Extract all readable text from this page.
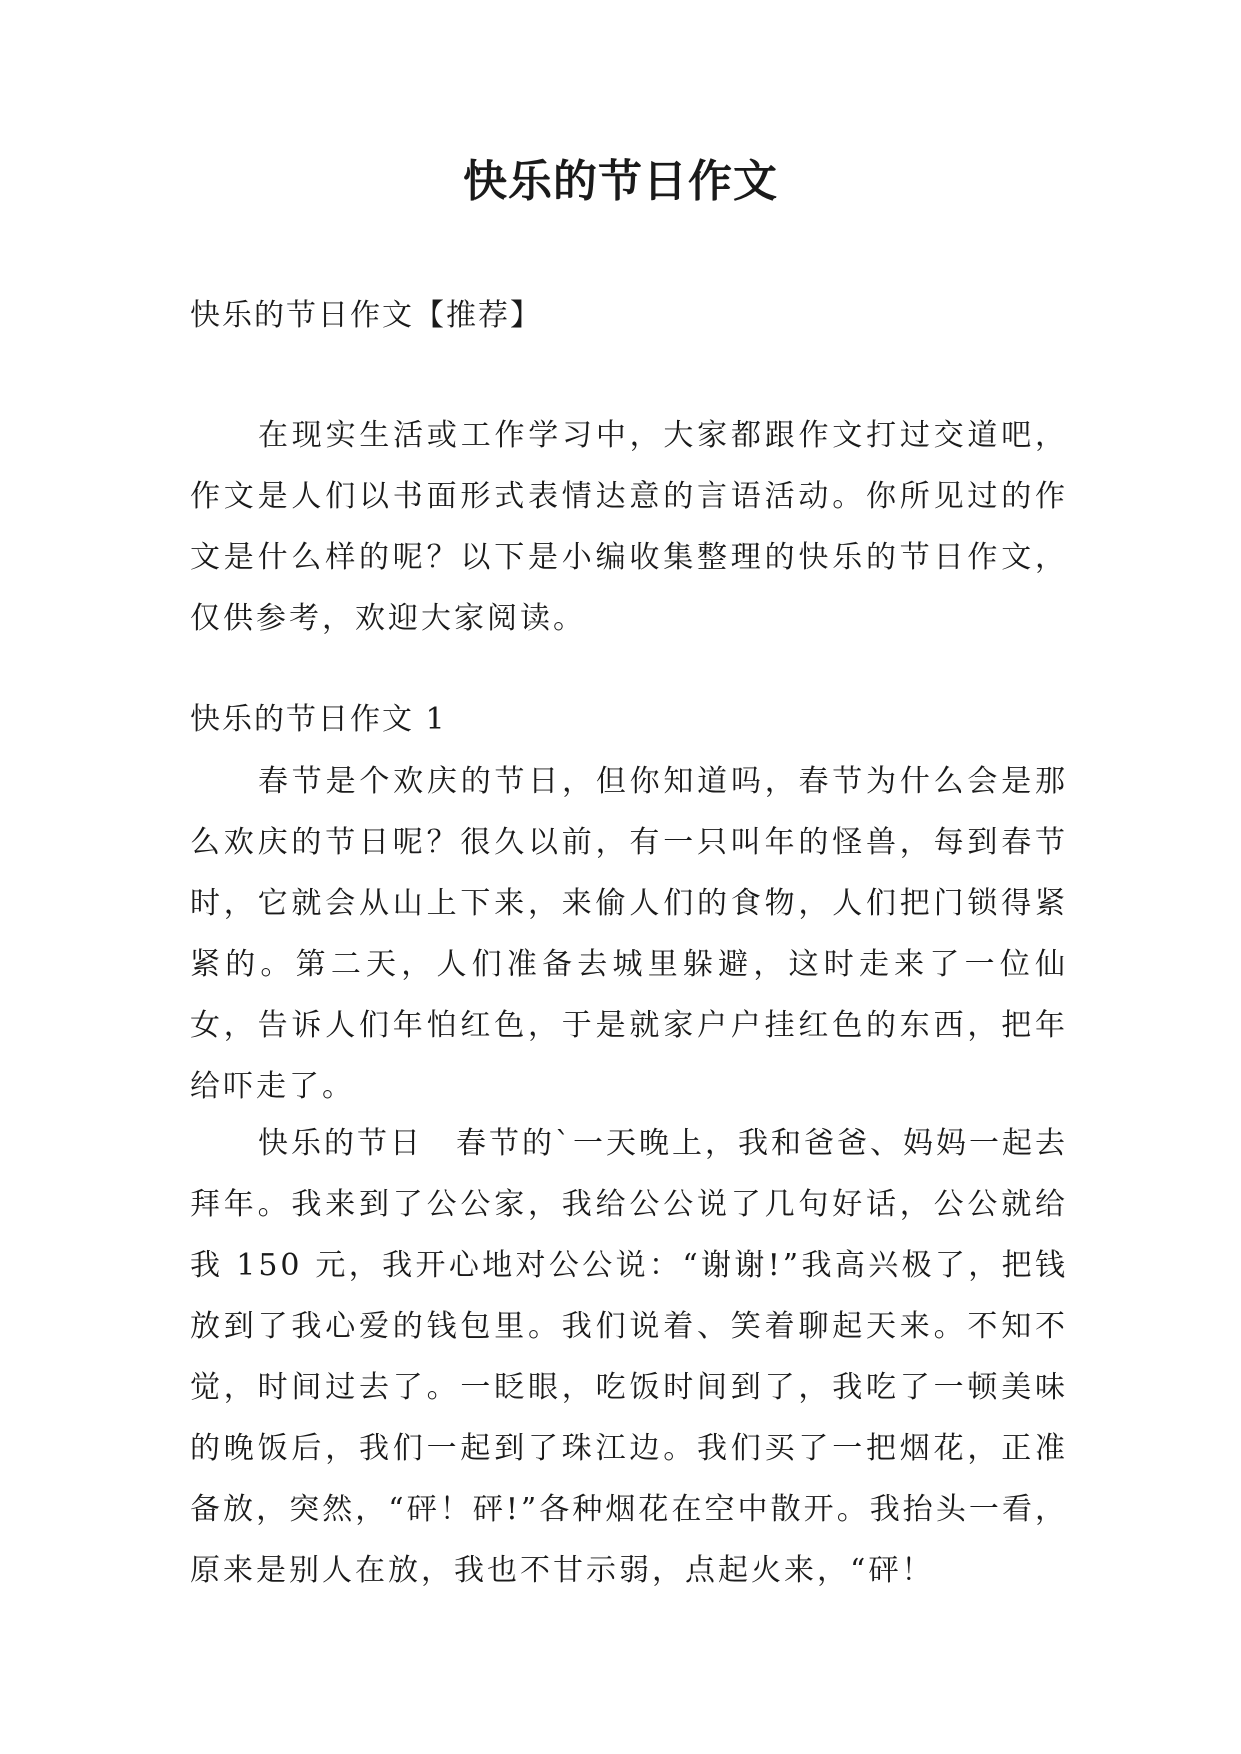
快乐的节日作文
快乐的节日作文【推荐】
在现实生活或工作学习中，大家都跟作文打过交道吧，作文是人们以书面形式表情达意的言语活动。你所见过的作文是什么样的呢？以下是小编收集整理的快乐的节日作文，仅供参考，欢迎大家阅读。
快乐的节日作文 1
春节是个欢庆的节日，但你知道吗，春节为什么会是那么欢庆的节日呢？很久以前，有一只叫年的怪兽，每到春节时，它就会从山上下来，来偷人们的食物，人们把门锁得紧紧的。第二天，人们准备去城里躲避，这时走来了一位仙女，告诉人们年怕红色，于是就家户户挂红色的东西，把年给吓走了。
快乐的节日　春节的`一天晚上，我和爸爸、妈妈一起去拜年。我来到了公公家，我给公公说了几句好话，公公就给我 150 元，我开心地对公公说：“谢谢!”我高兴极了，把钱放到了我心爱的钱包里。我们说着、笑着聊起天来。不知不觉，时间过去了。一眨眼，吃饭时间到了，我吃了一顿美味的晚饭后，我们一起到了珠江边。我们买了一把烟花，正准备放，突然，“砰！砰!”各种烟花在空中散开。我抬头一看，原来是别人在放，我也不甘示弱，点起火来，“砰！
